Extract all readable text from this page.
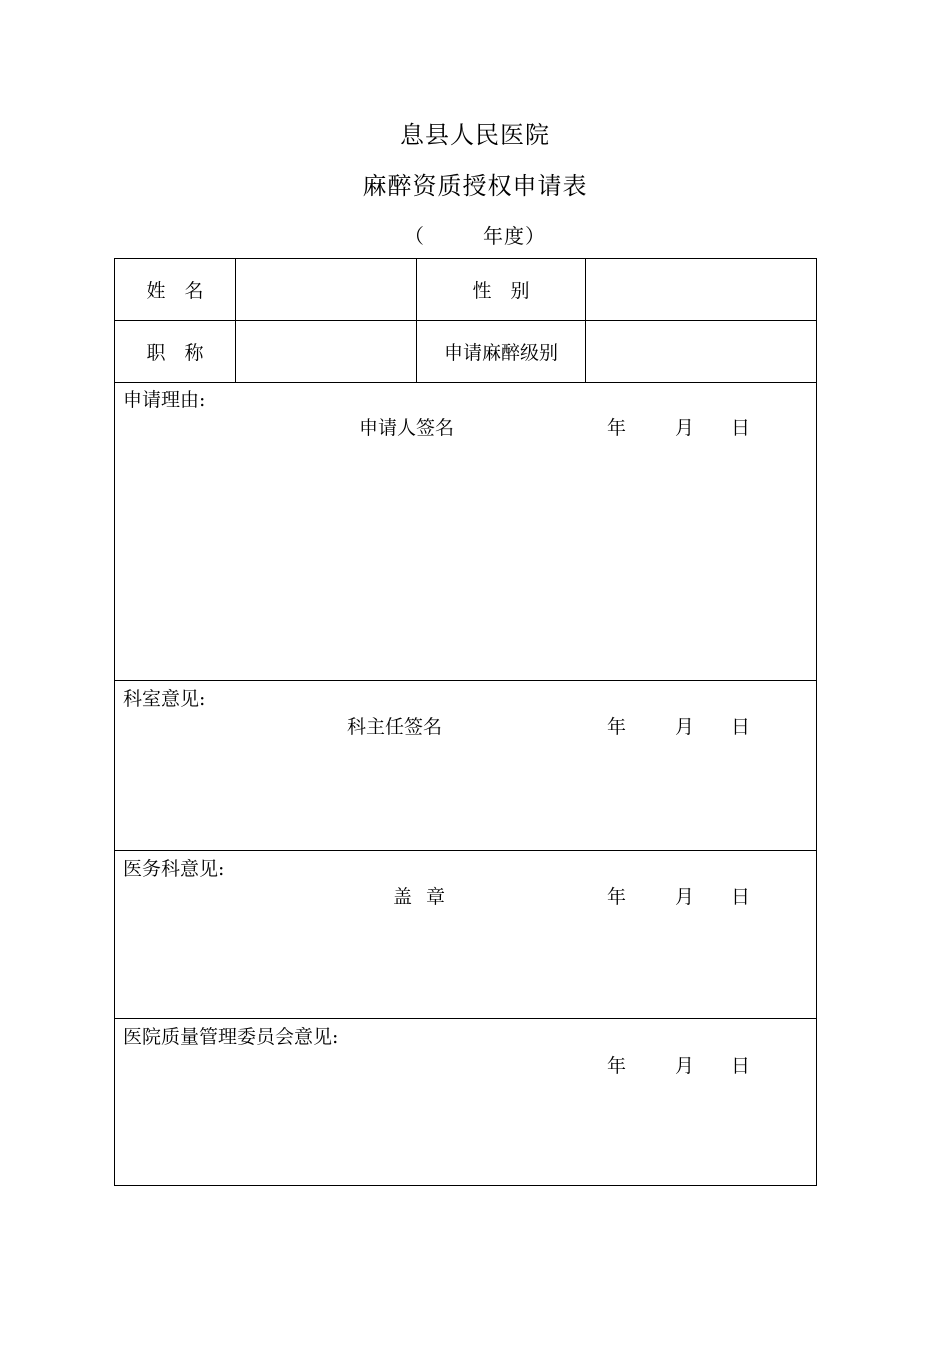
息县人民医院
麻醉资质授权申请表
（	年度）
姓　名	性　别
职　称	申请麻醉级别
申请理由:
申请人签名	年	月 日
科室意见:
科主任签名	年	月 日
医务科意见:
盖 章	年	月 日
医院质量管理委员会意见:
年	月 日
